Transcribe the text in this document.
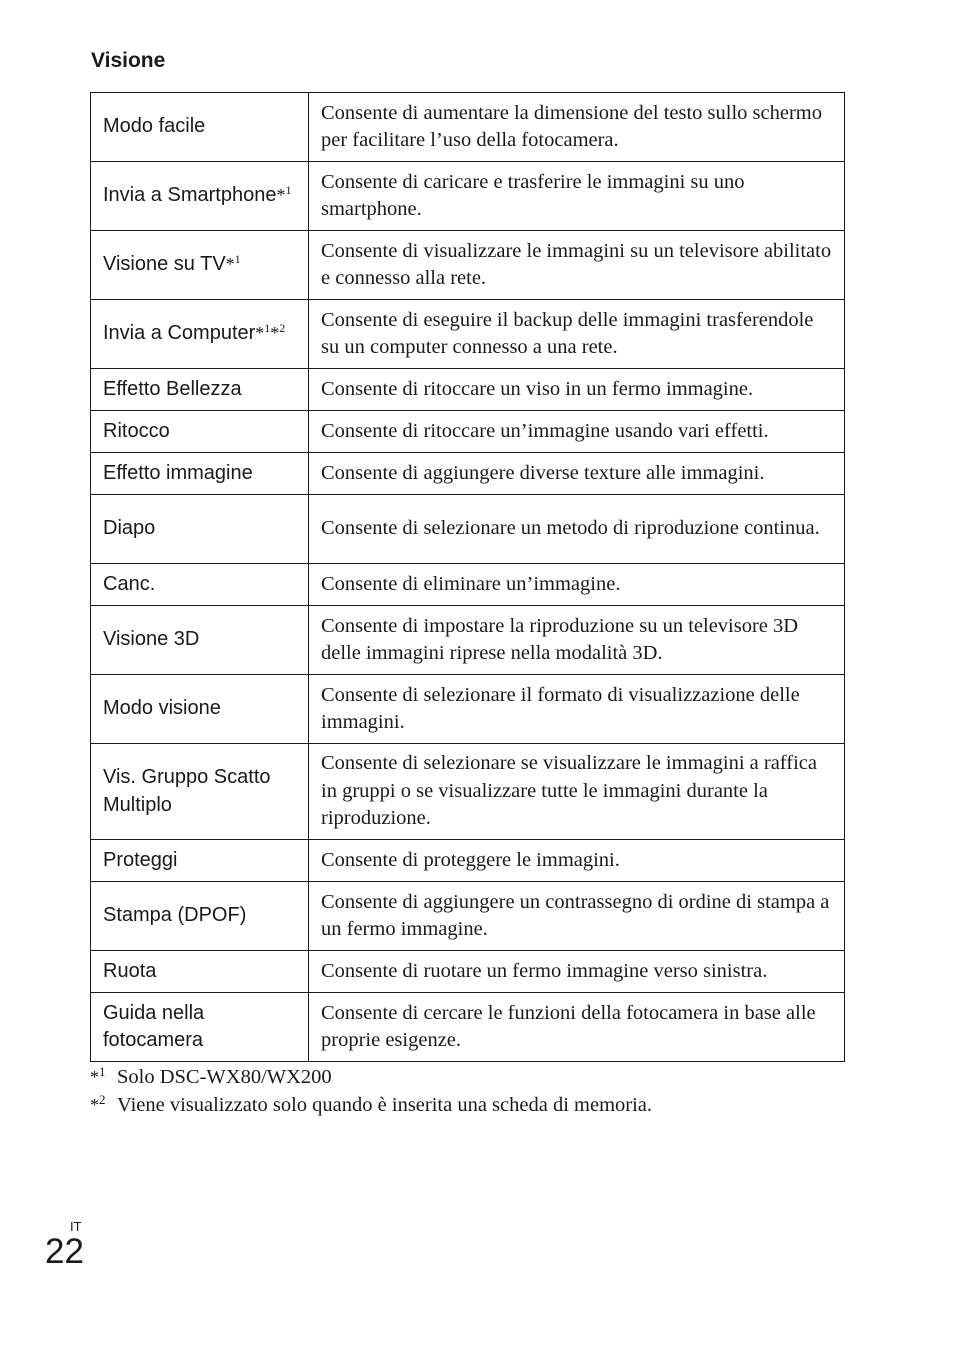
Visione
Modo facile	Consente di aumentare la dimensione del testo sullo schermo per facilitare l’uso della fotocamera.
Invia a Smartphone*$^1$	Consente di caricare e trasferire le immagini su uno smartphone.
Visione su TV*$^1$	Consente di visualizzare le immagini su un televisore abilitato e connesso alla rete.
Invia a Computer*$^1$*$^2$	Consente di eseguire il backup delle immagini trasferendole su un computer connesso a una rete.
Effetto Bellezza	Consente di ritoccare un viso in un fermo immagine.
Ritocco	Consente di ritoccare un’immagine usando vari effetti.
Effetto immagine	Consente di aggiungere diverse texture alle immagini.
Diapo	Consente di selezionare un metodo di riproduzione continua.
Canc.	Consente di eliminare un’immagine.
Visione 3D	Consente di impostare la riproduzione su un televisore 3D delle immagini riprese nella modalità 3D.
Modo visione	Consente di selezionare il formato di visualizzazione delle immagini.
Vis. Gruppo Scatto Multiplo	Consente di selezionare se visualizzare le immagini a raffica in gruppi o se visualizzare tutte le immagini durante la riproduzione.
Proteggi	Consente di proteggere le immagini.
Stampa (DPOF)	Consente di aggiungere un contrassegno di ordine di stampa a un fermo immagine.
Ruota	Consente di ruotare un fermo immagine verso sinistra.
Guida nella fotocamera	Consente di cercare le funzioni della fotocamera in base alle proprie esigenze.
*$^1$ Solo DSC-WX80/WX200
*$^2$ Viene visualizzato solo quando è inserita una scheda di memoria.
IT
22
